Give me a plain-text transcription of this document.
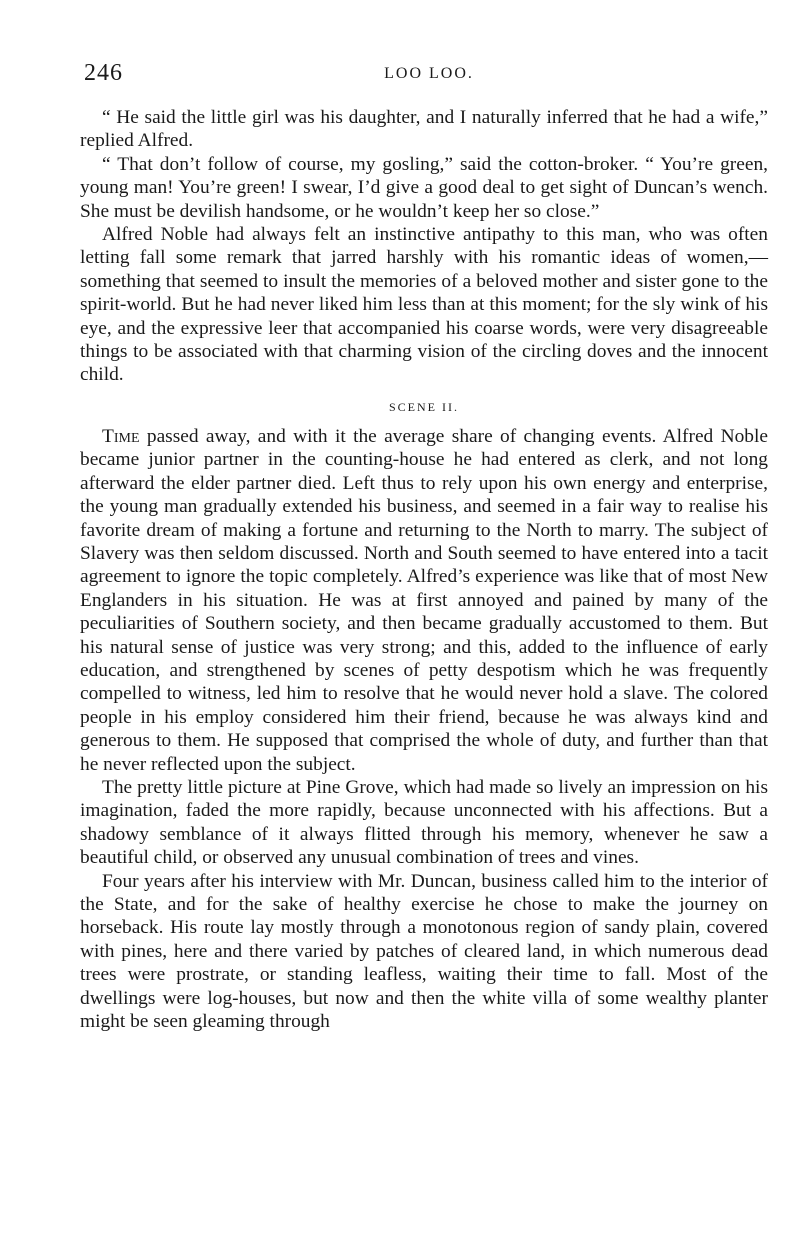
246	LOO LOO.

“ He said the little girl was his daughter, and I naturally inferred that he had a wife,” replied Alfred.

“ That don’t follow of course, my gosling,” said the cotton-broker. “ You’re green, young man! You’re green! I swear, I’d give a good deal to get sight of Duncan’s wench. She must be devilish handsome, or he wouldn’t keep her so close.”

Alfred Noble had always felt an instinctive antipathy to this man, who was often letting fall some remark that jarred harshly with his romantic ideas of women,—something that seemed to insult the memories of a beloved mother and sister gone to the spirit-world. But he had never liked him less than at this moment; for the sly wink of his eye, and the expressive leer that accompanied his coarse words, were very disagreeable things to be associated with that charming vision of the circling doves and the innocent child.

SCENE II.

Time passed away, and with it the average share of changing events. Alfred Noble became junior partner in the counting-house he had entered as clerk, and not long afterward the elder partner died. Left thus to rely upon his own energy and enterprise, the young man gradually extended his business, and seemed in a fair way to realise his favorite dream of making a fortune and returning to the North to marry. The subject of Slavery was then seldom discussed. North and South seemed to have entered into a tacit agreement to ignore the topic completely. Alfred’s experience was like that of most New Englanders in his situation. He was at first annoyed and pained by many of the peculiarities of Southern society, and then became gradually accustomed to them. But his natural sense of justice was very strong; and this, added to the influence of early education, and strengthened by scenes of petty despotism which he was frequently compelled to witness, led him to resolve that he would never hold a slave. The colored people in his employ considered him their friend, because he was always kind and generous to them. He supposed that comprised the whole of duty, and further than that he never reflected upon the subject.

The pretty little picture at Pine Grove, which had made so lively an impression on his imagination, faded the more rapidly, because unconnected with his affections. But a shadowy semblance of it always flitted through his memory, whenever he saw a beautiful child, or observed any unusual combination of trees and vines.

Four years after his interview with Mr. Duncan, business called him to the interior of the State, and for the sake of healthy exercise he chose to make the journey on horseback. His route lay mostly through a monotonous region of sandy plain, covered with pines, here and there varied by patches of cleared land, in which numerous dead trees were prostrate, or standing leafless, waiting their time to fall. Most of the dwellings were log-houses, but now and then the white villa of some wealthy planter might be seen gleaming through
